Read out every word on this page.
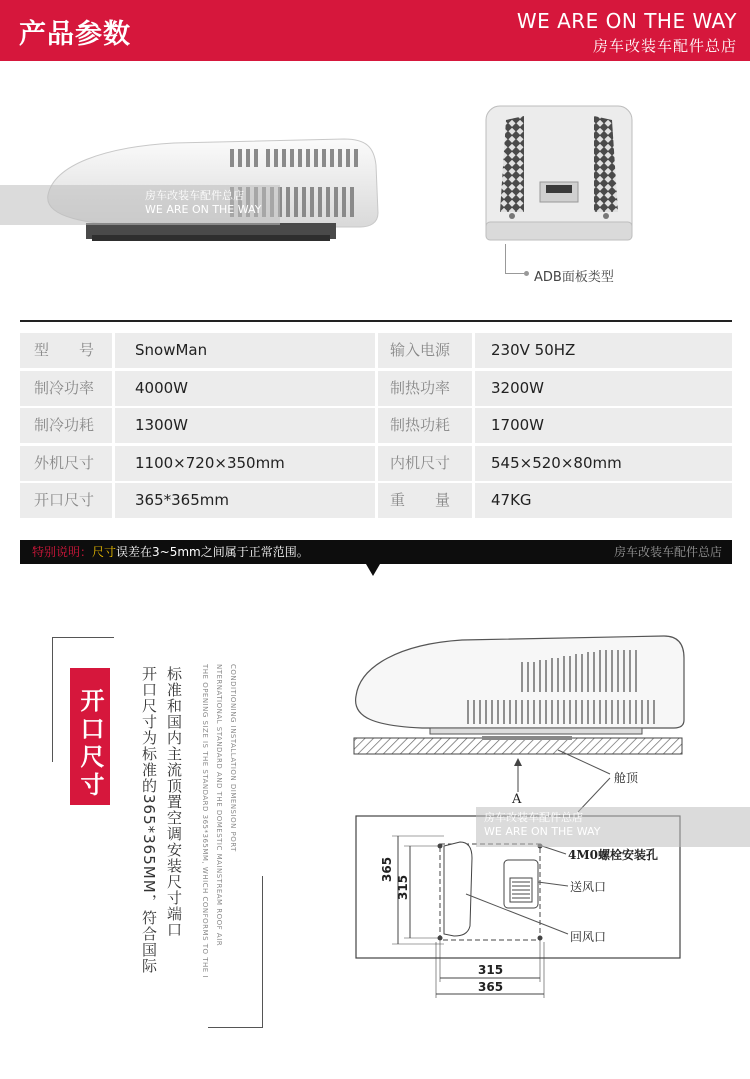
产品参数	WE ARE ON THE WAY
房车改装车配件总店
房车改装车配件总店
WE ARE ON THE WAY
ADB面板类型
型　　号	SnowMan	输入电源	230V 50HZ
制冷功率	4000W	制热功率	3200W
制冷功耗	1300W	制热功耗	1700W
外机尺寸	1100×720×350mm	内机尺寸	545×520×80mm
开口尺寸	365*365mm	重　　量	47KG
特别说明：尺寸误差在3~5mm之间属于正常范围。	房车改装车配件总店
开口尺寸	开口尺寸为标准的365*365MM，符合国际 标准和国内主流顶置空调安装尺寸端口	CONDITIONING INSTALLATION DIMENSION PORT
NTERNATIONAL STANDARD AND THE DOMESTIC MAINSTREAM ROOF AIR
THE OPENING SIZE IS THE STANDARD 365*365MM, WHICH CONFORMS TO THE I	舱顶
A
4M0螺栓安装孔
送风口
回风口
365
315
315
365
房车改装车配件总店
WE ARE ON THE WAY
